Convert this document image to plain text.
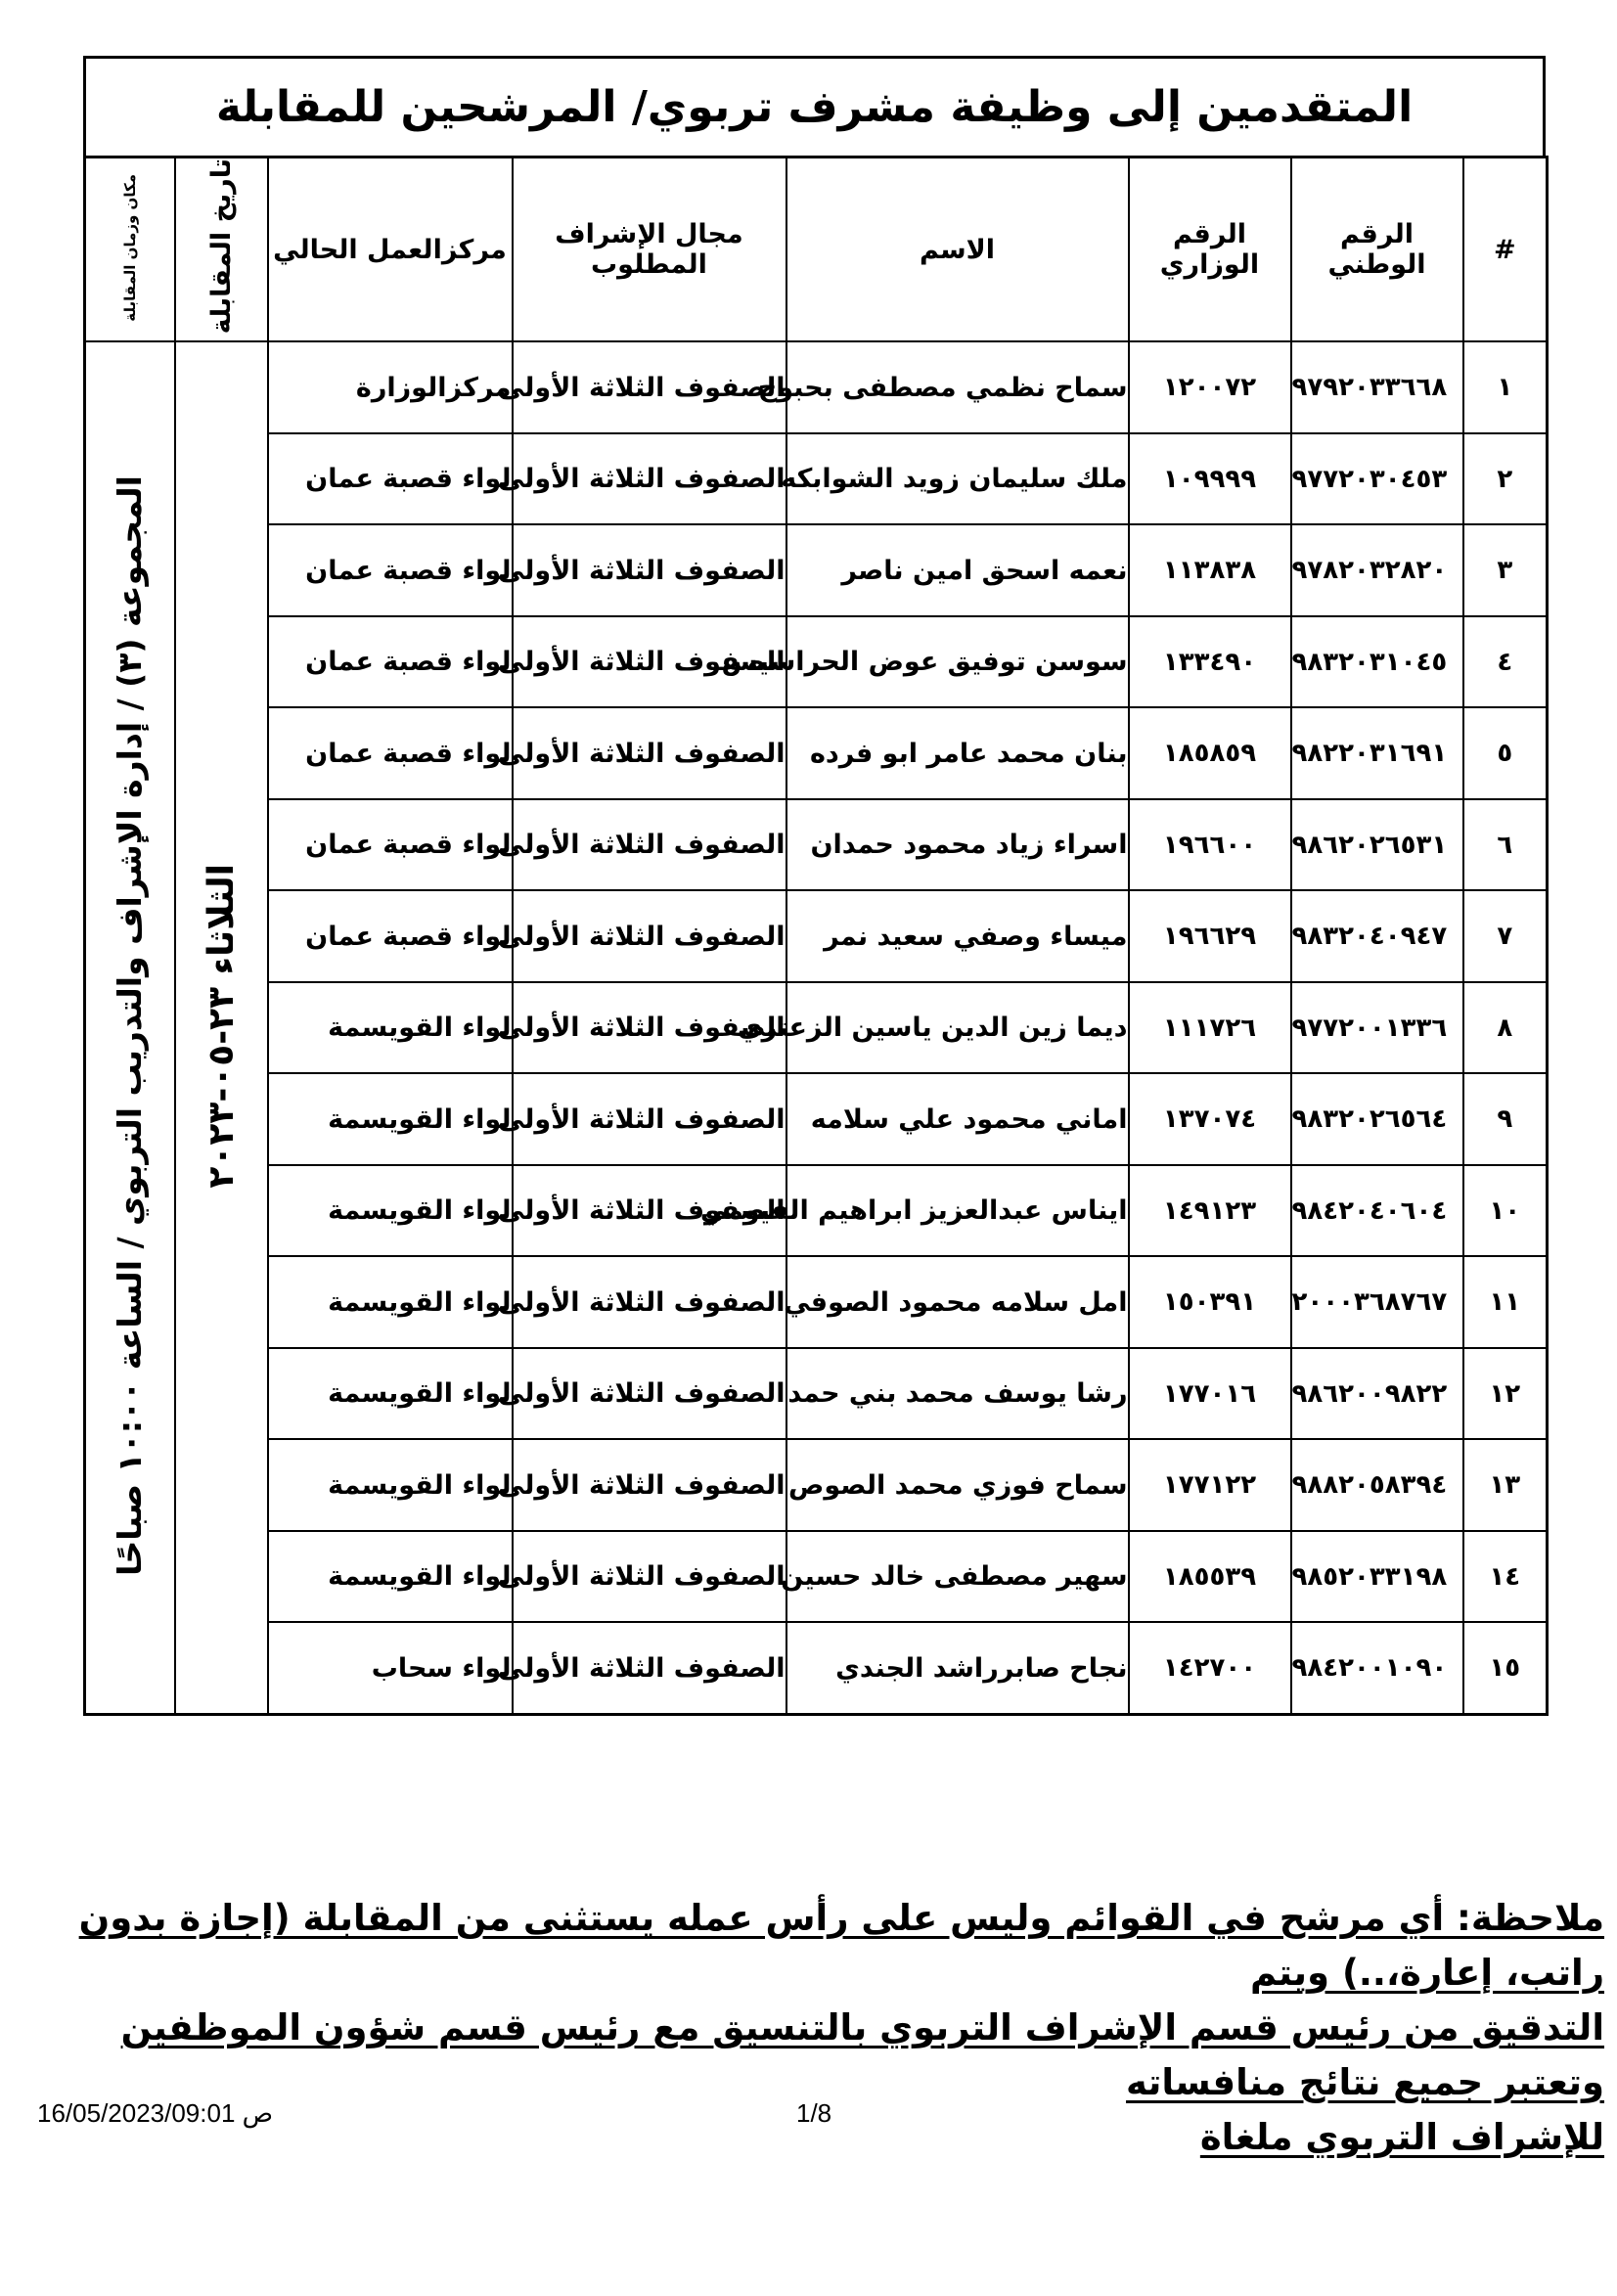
المتقدمين إلى وظيفة مشرف تربوي/ المرشحين للمقابلة
#	الرقم الوطني	الرقم الوزاري	الاسم	مجال الإشراف المطلوب	مركزالعمل الحالي	تاريخ المقابلة	مكان وزمان المقابلة
١	٩٧٩٢٠٣٣٦٦٨	١٢٠٠٧٢	سماح نظمي مصطفى بحبوح	الصفوف الثلاثة الأولى	مركزالوزارة	الثلاثاء ٢٣-٠٥-٢٠٢٣	المجموعة (٣) / إدارة الإشراف والتدريب التربوي / الساعة ١٠:٠٠ صباحًا
٢	٩٧٧٢٠٣٠٤٥٣	١٠٩٩٩٩	ملك سليمان زويد الشوابكه	الصفوف الثلاثة الأولى	لواء قصبة عمان		
٣	٩٧٨٢٠٣٢٨٢٠	١١٣٨٣٨	نعمه اسحق امين ناصر	الصفوف الثلاثة الأولى	لواء قصبة عمان		
٤	٩٨٣٢٠٣١٠٤٥	١٣٣٤٩٠	سوسن توفيق عوض الحراسيس	الصفوف الثلاثة الأولى	لواء قصبة عمان		
٥	٩٨٢٢٠٣١٦٩١	١٨٥٨٥٩	بنان محمد عامر ابو فرده	الصفوف الثلاثة الأولى	لواء قصبة عمان		
٦	٩٨٦٢٠٢٦٥٣١	١٩٦٦٠٠	اسراء زياد محمود حمدان	الصفوف الثلاثة الأولى	لواء قصبة عمان		
٧	٩٨٣٢٠٤٠٩٤٧	١٩٦٦٢٩	ميساء وصفي سعيد نمر	الصفوف الثلاثة الأولى	لواء قصبة عمان		
٨	٩٧٧٢٠٠١٣٣٦	١١١٧٢٦	ديما زين الدين ياسين الزعتري	الصفوف الثلاثة الأولى	لواء القويسمة		
٩	٩٨٣٢٠٢٦٥٦٤	١٣٧٠٧٤	اماني محمود علي سلامه	الصفوف الثلاثة الأولى	لواء القويسمة		
١٠	٩٨٤٢٠٤٠٦٠٤	١٤٩١٢٣	ايناس عبدالعزيز ابراهيم الفيومي	الصفوف الثلاثة الأولى	لواء القويسمة		
١١	٢٠٠٠٣٦٨٧٦٧	١٥٠٣٩١	امل سلامه محمود الصوفي	الصفوف الثلاثة الأولى	لواء القويسمة		
١٢	٩٨٦٢٠٠٩٨٢٢	١٧٧٠١٦	رشا يوسف محمد بني حمد	الصفوف الثلاثة الأولى	لواء القويسمة		
١٣	٩٨٨٢٠٥٨٣٩٤	١٧٧١٢٢	سماح فوزي محمد الصوص	الصفوف الثلاثة الأولى	لواء القويسمة		
١٤	٩٨٥٢٠٣٣١٩٨	١٨٥٥٣٩	سهير مصطفى خالد حسين	الصفوف الثلاثة الأولى	لواء القويسمة		
١٥	٩٨٤٢٠٠١٠٩٠	١٤٢٧٠٠	نجاح صابرراشد الجندي	الصفوف الثلاثة الأولى	لواء سحاب		
ملاحظة: أي مرشح في القوائم وليس على رأس عمله يستثنى من المقابلة (إجازة بدون راتب، إعارة،..) ويتم
التدقيق من رئيس قسم الإشراف التربوي بالتنسيق مع رئيس قسم شؤون الموظفين وتعتبر جميع نتائج منافساته
للإشراف التربوي ملغاة
16/05/2023/09:01 ص	1/8
